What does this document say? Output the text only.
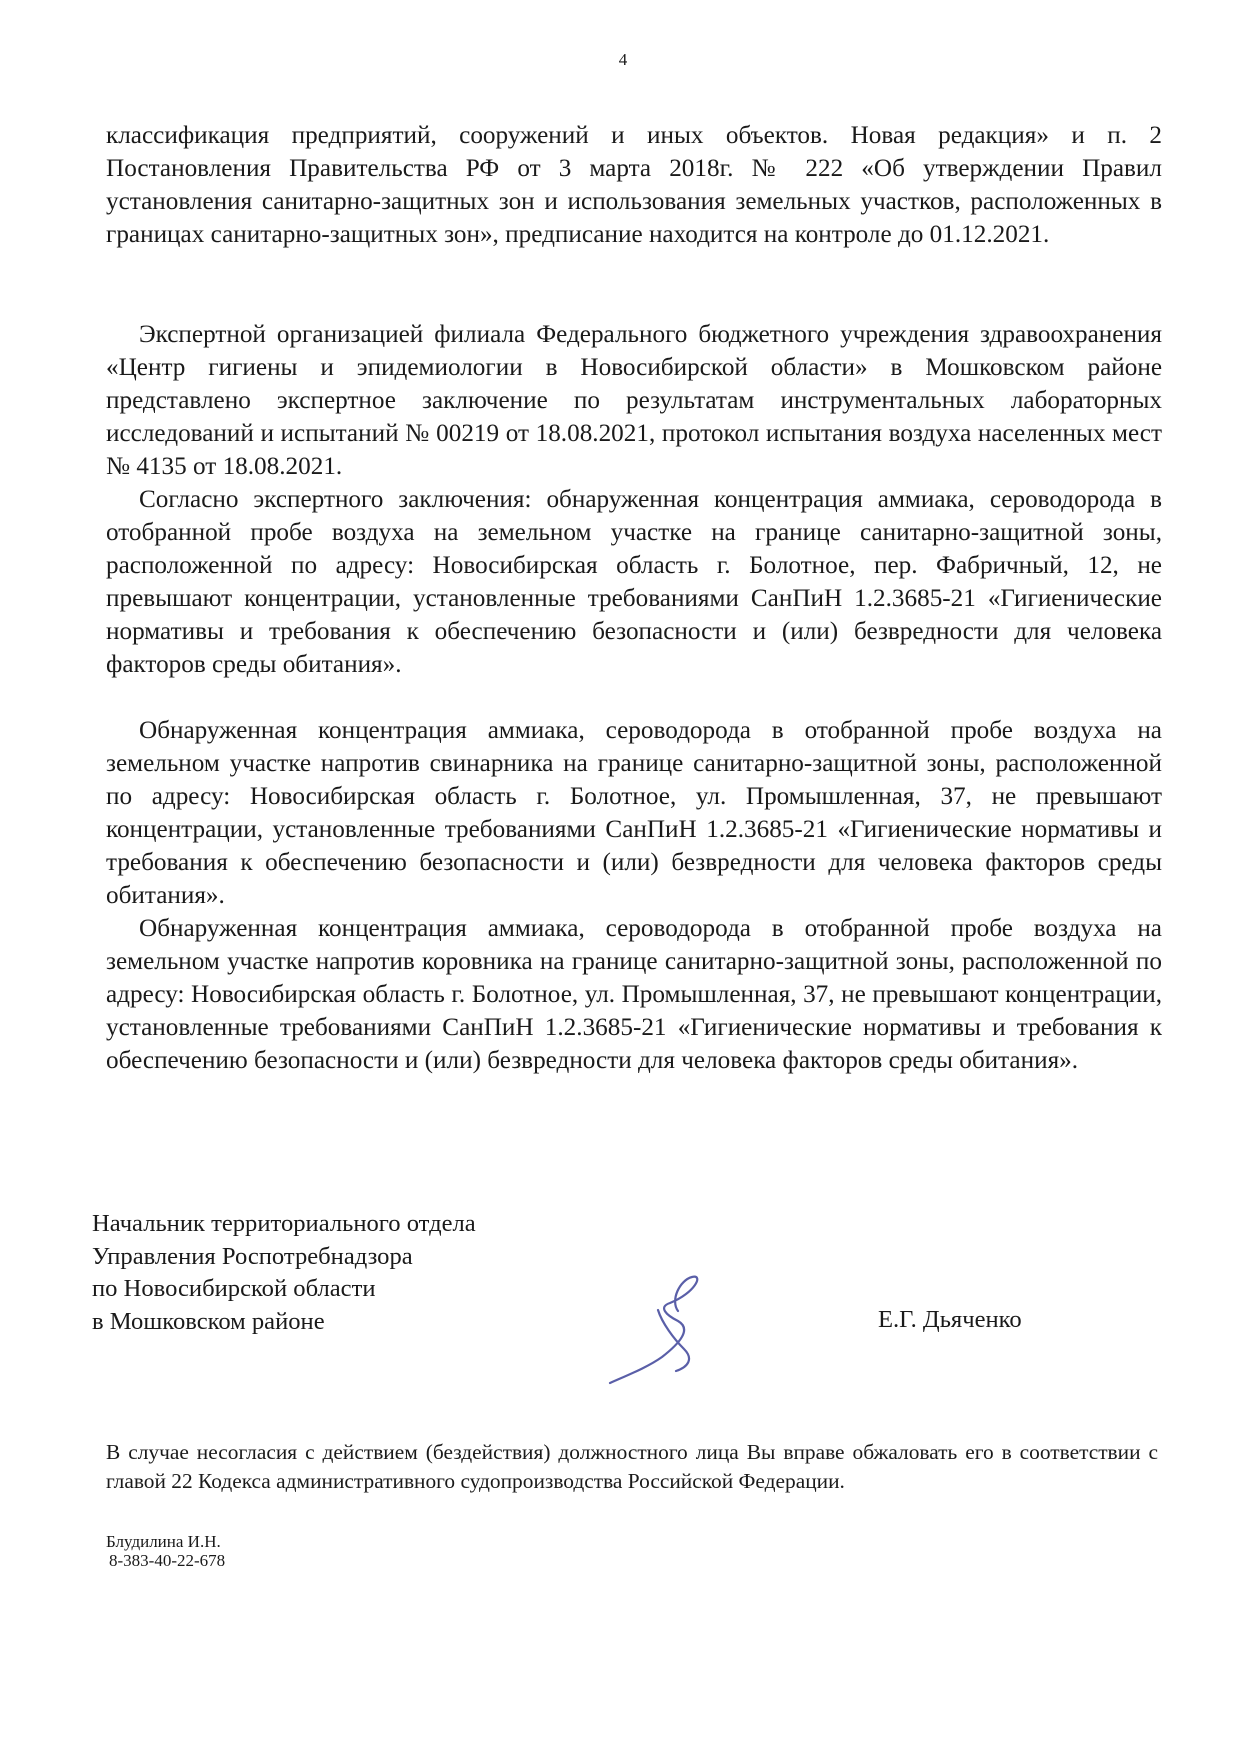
4

классификация предприятий, сооружений и иных объектов. Новая редакция» и п. 2 Постановления Правительства РФ от 3 марта 2018г. № 222 «Об утверждении Правил установления санитарно-защитных зон и использования земельных участков, расположенных в границах санитарно-защитных зон», предписание находится на контроле до 01.12.2021.

Экспертной организацией филиала Федерального бюджетного учреждения здравоохранения «Центр гигиены и эпидемиологии в Новосибирской области» в Мошковском районе представлено экспертное заключение по результатам инструментальных лабораторных исследований и испытаний № 00219 от 18.08.2021, протокол испытания воздуха населенных мест № 4135 от 18.08.2021.

Согласно экспертного заключения: обнаруженная концентрация аммиака, сероводорода в отобранной пробе воздуха на земельном участке на границе санитарно-защитной зоны, расположенной по адресу: Новосибирская область г. Болотное, пер. Фабричный, 12, не превышают концентрации, установленные требованиями СанПиН 1.2.3685-21 «Гигиенические нормативы и требования к обеспечению безопасности и (или) безвредности для человека факторов среды обитания».

Обнаруженная концентрация аммиака, сероводорода в отобранной пробе воздуха на земельном участке напротив свинарника на границе санитарно-защитной зоны, расположенной по адресу: Новосибирская область г. Болотное, ул. Промышленная, 37, не превышают концентрации, установленные требованиями СанПиН 1.2.3685-21 «Гигиенические нормативы и требования к обеспечению безопасности и (или) безвредности для человека факторов среды обитания».

Обнаруженная концентрация аммиака, сероводорода в отобранной пробе воздуха на земельном участке напротив коровника на границе санитарно-защитной зоны, расположенной по адресу: Новосибирская область г. Болотное, ул. Промышленная, 37, не превышают концентрации, установленные требованиями СанПиН 1.2.3685-21 «Гигиенические нормативы и требования к обеспечению безопасности и (или) безвредности для человека факторов среды обитания».

Начальник территориального отдела
Управления Роспотребнадзора
по Новосибирской области
в Мошковском районе	Е.Г. Дьяченко

В случае несогласия с действием (бездействия) должностного лица Вы вправе обжаловать его в соответствии с главой 22 Кодекса административного судопроизводства Российской Федерации.

Блудилина И.Н.
8-383-40-22-678
